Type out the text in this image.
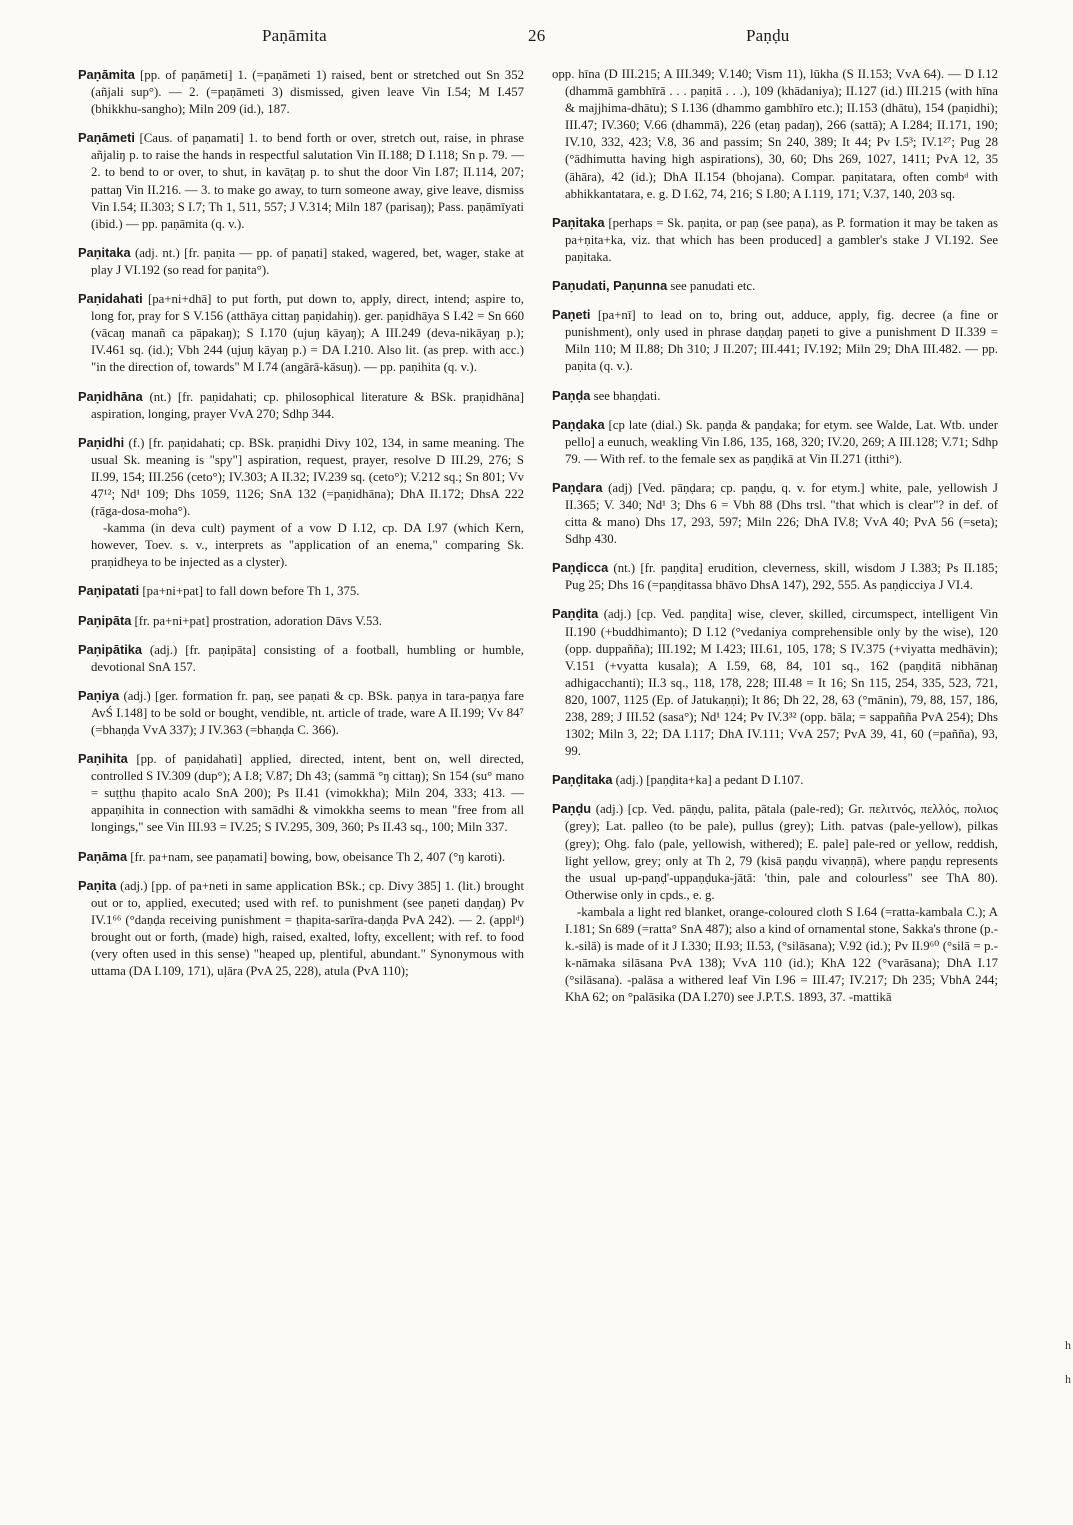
Paṇāmita	26	Paṇḍu
Paṇāmita [pp. of paṇāmeti] 1. (=paṇāmeti 1) raised, bent or stretched out Sn 352 (añjali sup°). — 2. (=paṇāmeti 3) dismissed, given leave Vin I.54; M I.457 (bhikkhu-sangho); Miln 209 (id.), 187.
Paṇāmeti [Caus. of paṇamati] 1. to bend forth or over, stretch out, raise, in phrase añjaliŋ p. to raise the hands in respectful salutation Vin II.188; D I.118; Sn p. 79. — 2. to bend to or over, to shut, in kavāṭaŋ p. to shut the door Vin I.87; II.114, 207; pattaŋ Vin II.216. — 3. to make go away, to turn someone away, give leave, dismiss Vin I.54; II.303; S I.7; Th 1, 511, 557; J V.314; Miln 187 (parisaŋ); Pass. paṇāmīyati (ibid.) — pp. paṇāmita (q. v.).
Paṇitaka (adj. nt.) [fr. paṇita — pp. of paṇati] staked, wagered, bet, wager, stake at play J VI.192 (so read for paṇita°).
Paṇidahati [pa+ni+dhā] to put forth, put down to, apply, direct, intend; aspire to, long for, pray for S V.156 (atthāya cittaŋ paṇidahiŋ). ger. paṇidhāya S I.42 = Sn 660 (vācaŋ manañ ca pāpakaŋ); S I.170 (ujuŋ kāyaŋ); A III.249 (deva-nikāyaŋ p.); IV.461 sq. (id.); Vbh 244 (ujuŋ kāyaŋ p.) = DA I.210. Also lit. (as prep. with acc.) "in the direction of, towards" M I.74 (angārā-kāsuŋ). — pp. paṇihita (q. v.).
Paṇidhāna (nt.) [fr. paṇidahati; cp. philosophical literature & BSk. praṇidhāna] aspiration, longing, prayer VvA 270; Sdhp 344.
Paṇidhi (f.) [fr. paṇidahati; cp. BSk. praṇidhi Divy 102, 134, in same meaning. The usual Sk. meaning is "spy"] aspiration, request, prayer, resolve D III.29, 276; S II.99, 154; III.256 (ceto°); IV.303; A II.32; IV.239 sq. (ceto°); V.212 sq.; Sn 801; Vv 47¹²; Nd¹ 109; Dhs 1059, 1126; SnA 132 (=paṇidhāna); DhA II.172; DhsA 222 (rāga-dosa-moha°).
-kamma (in deva cult) payment of a vow D I.12, cp. DA I.97 (which Kern, however, Toev. s. v., interprets as "application of an enema," comparing Sk. praṇidheya to be injected as a clyster).
Paṇipatati [pa+ni+pat] to fall down before Th 1, 375.
Paṇipāta [fr. pa+ni+pat] prostration, adoration Dāvs V.53.
Paṇipātika (adj.) [fr. paṇipāta] consisting of a football, humbling or humble, devotional SnA 157.
Paṇiya (adj.) [ger. formation fr. paṇ, see paṇati & cp. BSk. paṇya in tara-paṇya fare AvŚ I.148] to be sold or bought, vendible, nt. article of trade, ware A II.199; Vv 84⁷ (=bhaṇḍa VvA 337); J IV.363 (=bhaṇḍa C. 366).
Paṇihita [pp. of paṇidahati] applied, directed, intent, bent on, well directed, controlled S IV.309 (dup°); A I.8; V.87; Dh 43; (sammā °ŋ cittaŋ); Sn 154 (su° mano = suṭṭhu ṭhapito acalo SnA 200); Ps II.41 (vimokkha); Miln 204, 333; 413. —appaṇihita in connection with samādhi & vimokkha seems to mean "free from all longings," see Vin III.93 = IV.25; S IV.295, 309, 360; Ps II.43 sq., 100; Miln 337.
Paṇāma [fr. pa+nam, see paṇamati] bowing, bow, obeisance Th 2, 407 (°ŋ karoti).
Paṇita (adj.) [pp. of pa+neti in same application BSk.; cp. Divy 385] 1. (lit.) brought out or to, applied, executed; used with ref. to punishment (see paṇeti daṇḍaŋ) Pv IV.1⁶⁶ (°daṇḍa receiving punishment = ṭhapita-sarīra-daṇḍa PvA 242). — 2. (applᵈ) brought out or forth, (made) high, raised, exalted, lofty, excellent; with ref. to food (very often used in this sense) "heaped up, plentiful, abundant." Synonymous with uttama (DA I.109, 171), uḷāra (PvA 25, 228), atula (PvA 110);
opp. hīna (D III.215; A III.349; V.140; Vism 11), lūkha (S II.153; VvA 64). — D I.12 (dhammā gambhīrā . . . paṇitā . . .), 109 (khādaniya); II.127 (id.) III.215 (with hīna & majjhima-dhātu); S I.136 (dhammo gambhīro etc.); II.153 (dhātu), 154 (paṇidhi); III.47; IV.360; V.66 (dhammā), 226 (etaŋ padaŋ), 266 (sattā); A I.284; II.171, 190; IV.10, 332, 423; V.8, 36 and passim; Sn 240, 389; It 44; Pv I.5³; IV.1²⁷; Pug 28 (°ādhimutta having high aspirations), 30, 60; Dhs 269, 1027, 1411; PvA 12, 35 (āhāra), 42 (id.); DhA II.154 (bhojana). Compar. paṇitatara, often combᵈ with abhikkantatara, e. g. D I.62, 74, 216; S I.80; A I.119, 171; V.37, 140, 203 sq.
Paṇitaka [perhaps = Sk. paṇita, or paṇ (see paṇa), as P. formation it may be taken as pa+ṇita+ka, viz. that which has been produced] a gambler's stake J VI.192. See paṇitaka.
Paṇudati, Paṇunna see panudati etc.
Paṇeti [pa+nī] to lead on to, bring out, adduce, apply, fig. decree (a fine or punishment), only used in phrase daṇḍaŋ paṇeti to give a punishment D II.339 = Miln 110; M II.88; Dh 310; J II.207; III.441; IV.192; Miln 29; DhA III.482. — pp. paṇita (q. v.).
Paṇḍa see bhaṇḍati.
Paṇḍaka [cp late (dial.) Sk. paṇḍa & paṇḍaka; for etym. see Walde, Lat. Wtb. under pello] a eunuch, weakling Vin I.86, 135, 168, 320; IV.20, 269; A III.128; V.71; Sdhp 79. — With ref. to the female sex as paṇḍikā at Vin II.271 (itthi°).
Paṇḍara (adj) [Ved. pāṇḍara; cp. paṇḍu, q. v. for etym.] white, pale, yellowish J II.365; V. 340; Nd¹ 3; Dhs 6 = Vbh 88 (Dhs trsl. "that which is clear"? in def. of citta & mano) Dhs 17, 293, 597; Miln 226; DhA IV.8; VvA 40; PvA 56 (=seta); Sdhp 430.
Paṇḍicca (nt.) [fr. paṇḍita] erudition, cleverness, skill, wisdom J I.383; Ps II.185; Pug 25; Dhs 16 (=paṇḍitassa bhāvo DhsA 147), 292, 555. As paṇḍicciya J VI.4.
Paṇḍita (adj.) [cp. Ved. paṇḍita] wise, clever, skilled, circumspect, intelligent Vin II.190 (+buddhimanto); D I.12 (°vedaniya comprehensible only by the wise), 120 (opp. duppañña); III.192; M I.423; III.61, 105, 178; S IV.375 (+viyatta medhāvin); V.151 (+vyatta kusala); A I.59, 68, 84, 101 sq., 162 (paṇḍitā nibhānaŋ adhigacchanti); II.3 sq., 118, 178, 228; III.48 = It 16; Sn 115, 254, 335, 523, 721, 820, 1007, 1125 (Ep. of Jatukaṇṇi); It 86; Dh 22, 28, 63 (°mānin), 79, 88, 157, 186, 238, 289; J III.52 (sasa°); Nd¹ 124; Pv IV.3³² (opp. bāla; = sappañña PvA 254); Dhs 1302; Miln 3, 22; DA I.117; DhA IV.111; VvA 257; PvA 39, 41, 60 (=pañña), 93, 99.
Paṇḍitaka (adj.) [paṇḍita+ka] a pedant D I.107.
Paṇḍu (adj.) [cp. Ved. pāṇḍu, palita, pātala (pale-red); Gr. πελιτνός, πελλός, πολιος (grey); Lat. palleo (to be pale), pullus (grey); Lith. patvas (pale-yellow), pilkas (grey); Ohg. falo (pale, yellowish, withered); E. pale] pale-red or yellow, reddish, light yellow, grey; only at Th 2, 79 (kisā paṇḍu vivaṇṇā), where paṇḍu represents the usual up-paṇḍ'-uppaṇḍuka-jātā: 'thin, pale and colourless" see ThA 80). Otherwise only in cpds., e. g.
-kambala a light red blanket, orange-coloured cloth S I.64 (=ratta-kambala C.); A I.181; Sn 689 (=ratta° SnA 487); also a kind of ornamental stone, Sakka's throne (p.-k.-silā) is made of it J I.330; II.93; II.53, (°silāsana); V.92 (id.); Pv II.9⁶⁰ (°silā = p.-k-nāmaka silāsana PvA 138); VvA 110 (id.); KhA 122 (°varāsana); DhA I.17 (°silāsana). -palāsa a withered leaf Vin I.96 = III.47; IV.217; Dh 235; VbhA 244; KhA 62; on °palāsika (DA I.270) see J.P.T.S. 1893, 37. -mattikā
h
h
